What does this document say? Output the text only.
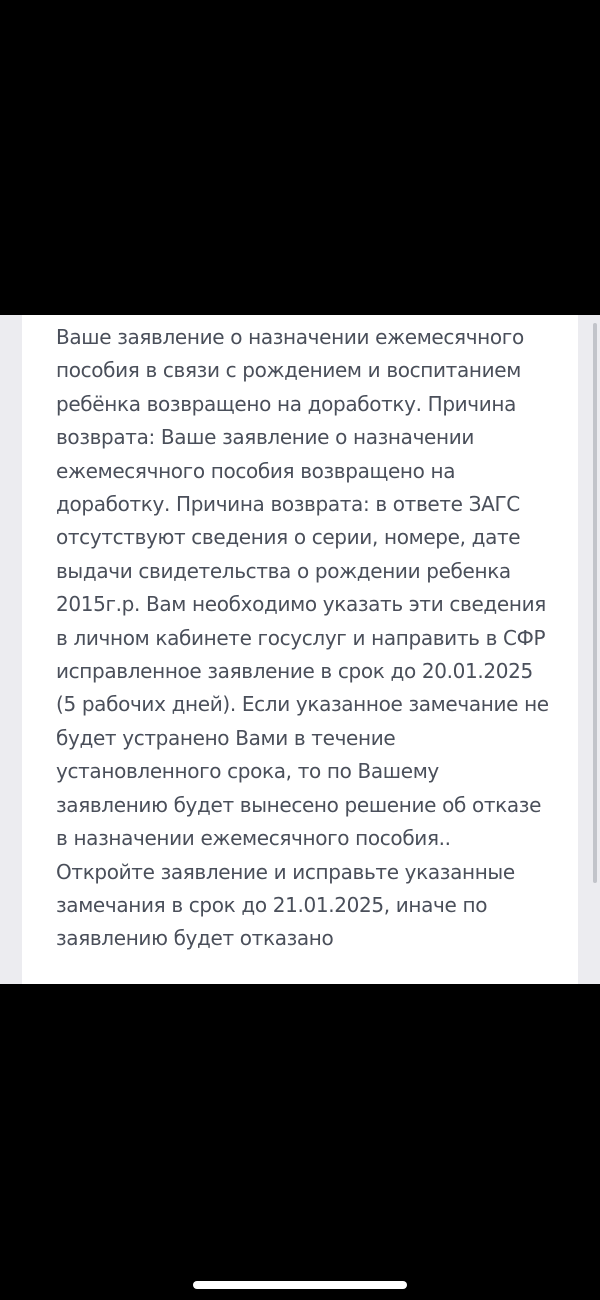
Ваше заявление о назначении ежемесячного
пособия в связи с рождением и воспитанием
ребёнка возвращено на доработку. Причина
возврата: Ваше заявление о назначении
ежемесячного пособия возвращено на
доработку. Причина возврата: в ответе ЗАГС
отсутствуют сведения о серии, номере, дате
выдачи свидетельства о рождении ребенка
2015г.р. Вам необходимо указать эти сведения
в личном кабинете госуслуг и направить в СФР
исправленное заявление в срок до 20.01.2025
(5 рабочих дней). Если указанное замечание не
будет устранено Вами в течение
установленного срока, то по Вашему
заявлению будет вынесено решение об отказе
в назначении ежемесячного пособия..
Откройте заявление и исправьте указанные
замечания в срок до 21.01.2025, иначе по
заявлению будет отказано
